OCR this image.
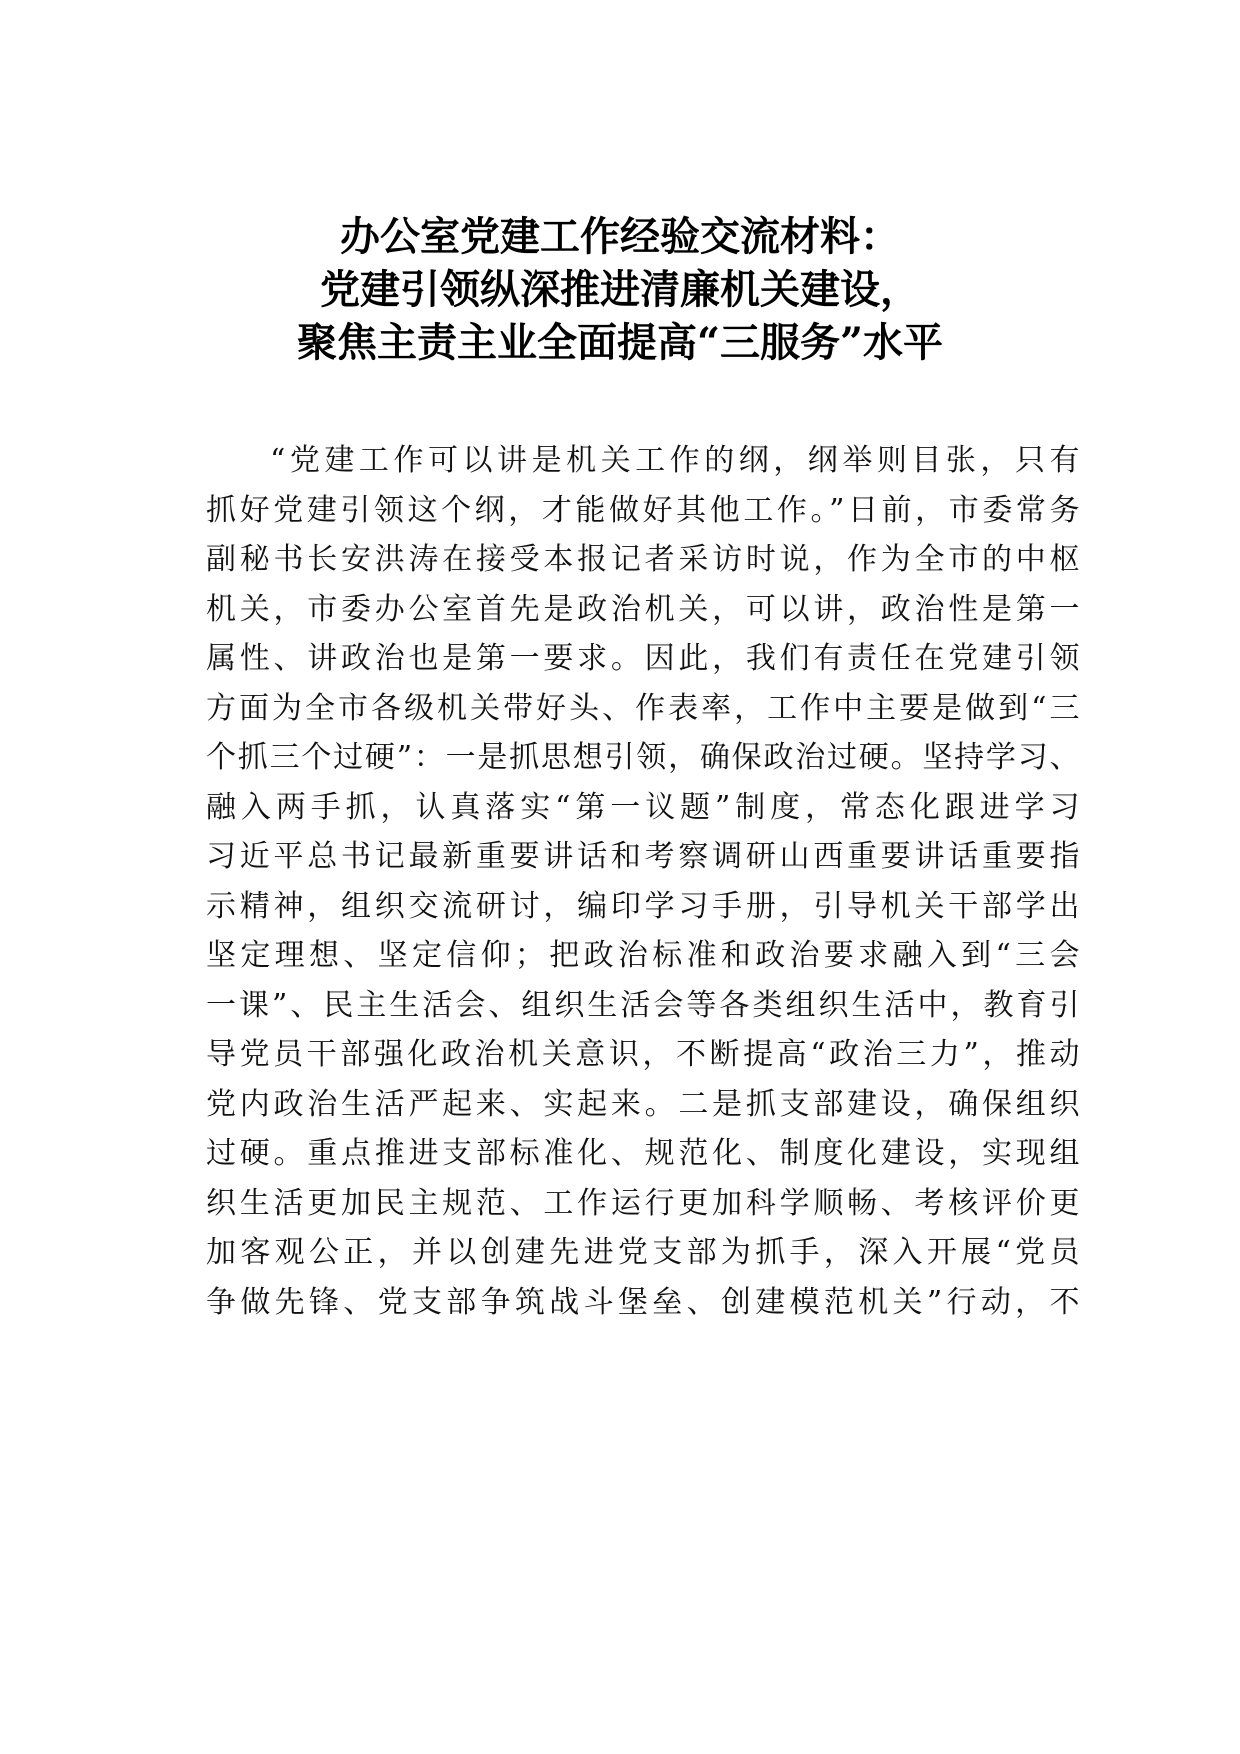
办公室党建工作经验交流材料：
党建引领纵深推进清廉机关建设，
聚焦主责主业全面提高“三服务”水平
“党建工作可以讲是机关工作的纲，纲举则目张，只有
抓好党建引领这个纲，才能做好其他工作。”日前，市委常务
副秘书长安洪涛在接受本报记者采访时说，作为全市的中枢
机关，市委办公室首先是政治机关，可以讲，政治性是第一
属性、讲政治也是第一要求。因此，我们有责任在党建引领
方面为全市各级机关带好头、作表率，工作中主要是做到“三
个抓三个过硬”：一是抓思想引领，确保政治过硬。坚持学习、
融入两手抓，认真落实“第一议题”制度，常态化跟进学习
习近平总书记最新重要讲话和考察调研山西重要讲话重要指
示精神，组织交流研讨，编印学习手册，引导机关干部学出
坚定理想、坚定信仰；把政治标准和政治要求融入到“三会
一课”、民主生活会、组织生活会等各类组织生活中，教育引
导党员干部强化政治机关意识，不断提高“政治三力”，推动
党内政治生活严起来、实起来。二是抓支部建设，确保组织
过硬。重点推进支部标准化、规范化、制度化建设，实现组
织生活更加民主规范、工作运行更加科学顺畅、考核评价更
加客观公正，并以创建先进党支部为抓手，深入开展“党员
争做先锋、党支部争筑战斗堡垒、创建模范机关”行动，不
